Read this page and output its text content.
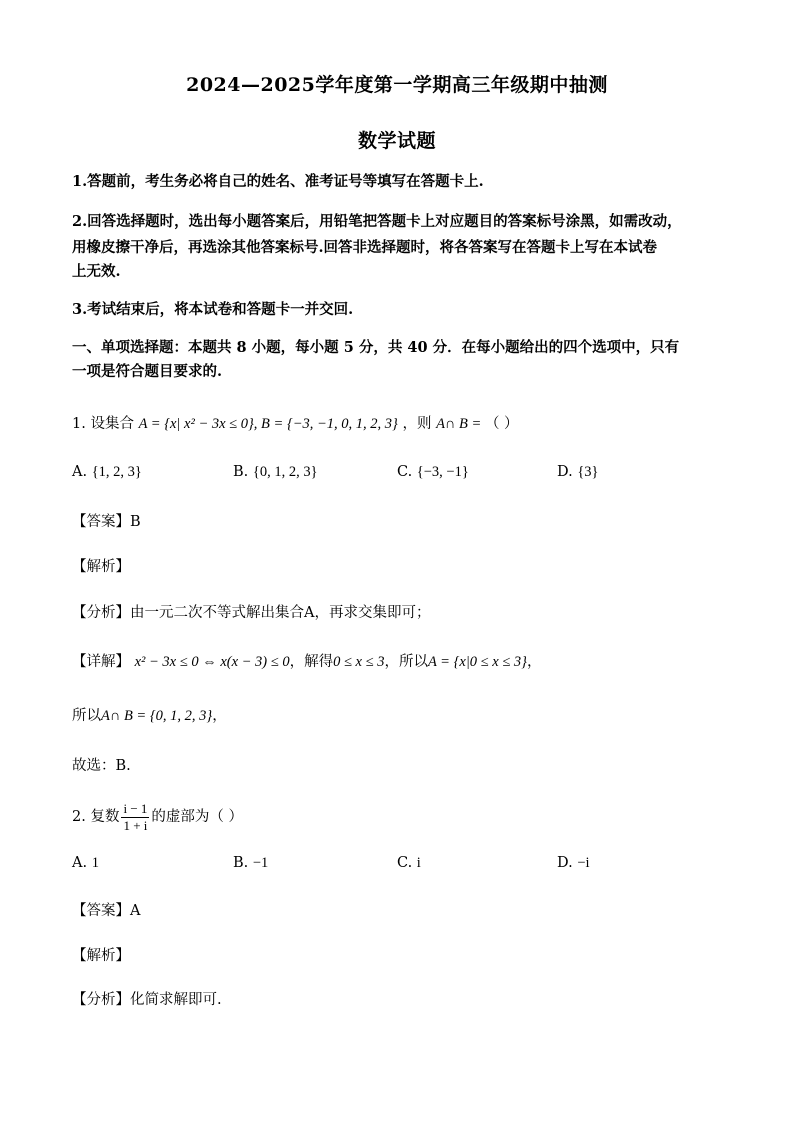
2024—2025学年度第一学期高三年级期中抽测
数学试题
1.答题前，考生务必将自己的姓名、准考证号等填写在答题卡上.
2.回答选择题时，选出每小题答案后，用铅笔把答题卡上对应题目的答案标号涂黑，如需改动，
用橡皮擦干净后，再选涂其他答案标号.回答非选择题时，将各答案写在答题卡上写在本试卷
上无效.
3.考试结束后，将本试卷和答题卡一并交回.
一、单项选择题：本题共 8 小题，每小题 5 分，共 40 分．在每小题给出的四个选项中，只有
一项是符合题目要求的.
1. 设集合 A = {x| x² − 3x ≤ 0}, B = {−3, −1, 0, 1, 2, 3} ，则 A∩ B = （ ）
A. {1, 2, 3}	B. {0, 1, 2, 3}	C. {−3, −1}	D. {3}
【答案】B
【解析】
【分析】由一元二次不等式解出集合A，再求交集即可；
【详解】 x² − 3x ≤ 0 ⇔ x(x − 3) ≤ 0，解得0 ≤ x ≤ 3，所以A = {x|0 ≤ x ≤ 3}，
所以A∩ B = {0, 1, 2, 3}，
故选：B.
2. 复数 $\frac{i - 1}{1 + i}$ 的虚部为（ ）
A. 1	B. −1	C. i	D. −i
【答案】A
【解析】
【分析】化简求解即可.
